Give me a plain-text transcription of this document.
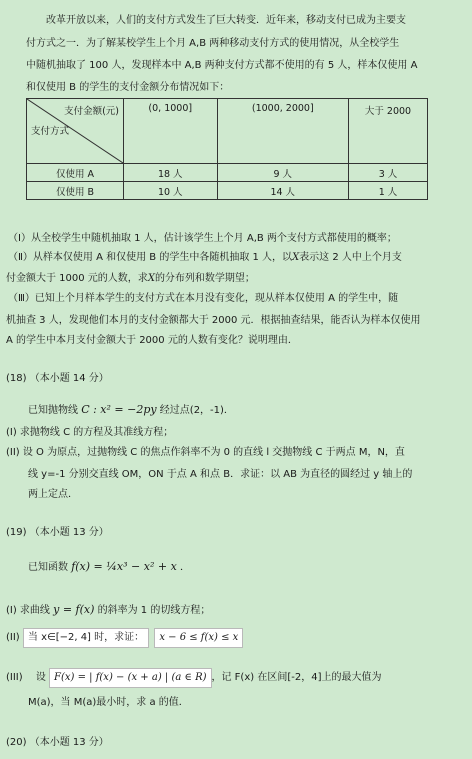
改革开放以来，人们的支付方式发生了巨大转变．近年来，移动支付已成为主要支
付方式之一．为了解某校学生上个月 A,B 两种移动支付方式的使用情况，从全校学生
中随机抽取了 100 人，发现样本中 A,B 两种支付方式都不使用的有 5 人，样本仅使用 A
和仅使用 B 的学生的支付金额分布情况如下：
支付金额(元)
支付方式	(0, 1000]	(1000, 2000]	大于 2000
仅使用 A	18 人	9 人	3 人
仅使用 B	10 人	14 人	1 人
（Ⅰ）从全校学生中随机抽取 1 人，估计该学生上个月 A,B 两个支付方式都使用的概率；
（Ⅱ）从样本仅使用 A 和仅使用 B 的学生中各随机抽取 1 人，以X表示这 2 人中上个月支
付金额大于 1000 元的人数，求X的分布列和数学期望；
（Ⅲ）已知上个月样本学生的支付方式在本月没有变化，现从样本仅使用 A 的学生中，随
机抽查 3 人，发现他们本月的支付金额都大于 2000 元．根据抽查结果，能否认为样本仅使用
A 的学生中本月支付金额大于 2000 元的人数有变化？说明理由．
(18) （本小题 14 分）
已知抛物线 C : x² = −2py 经过点(2，-1)．
(I) 求抛物线 C 的方程及其准线方程；
(II) 设 O 为原点，过抛物线 C 的焦点作斜率不为 0 的直线 l 交抛物线 C 于两点 M，N，直
线 y=-1 分别交直线 OM，ON 于点 A 和点 B．求证：以 AB 为直径的圆经过 y 轴上的
两上定点．
(19) （本小题 13 分）
已知函数 f(x) = ¼x³ − x² + x ．
(I) 求曲线 y = f(x) 的斜率为 1 的切线方程；
(II) 当 x∈[−2, 4] 时，求证： x − 6 ≤ f(x) ≤ x
(III) 设 F(x) = | f(x) − (x + a) | (a ∈ R) ，记 F(x) 在区间[-2，4]上的最大值为
M(a)，当 M(a)最小时，求 a 的值．
(20) （本小题 13 分）
